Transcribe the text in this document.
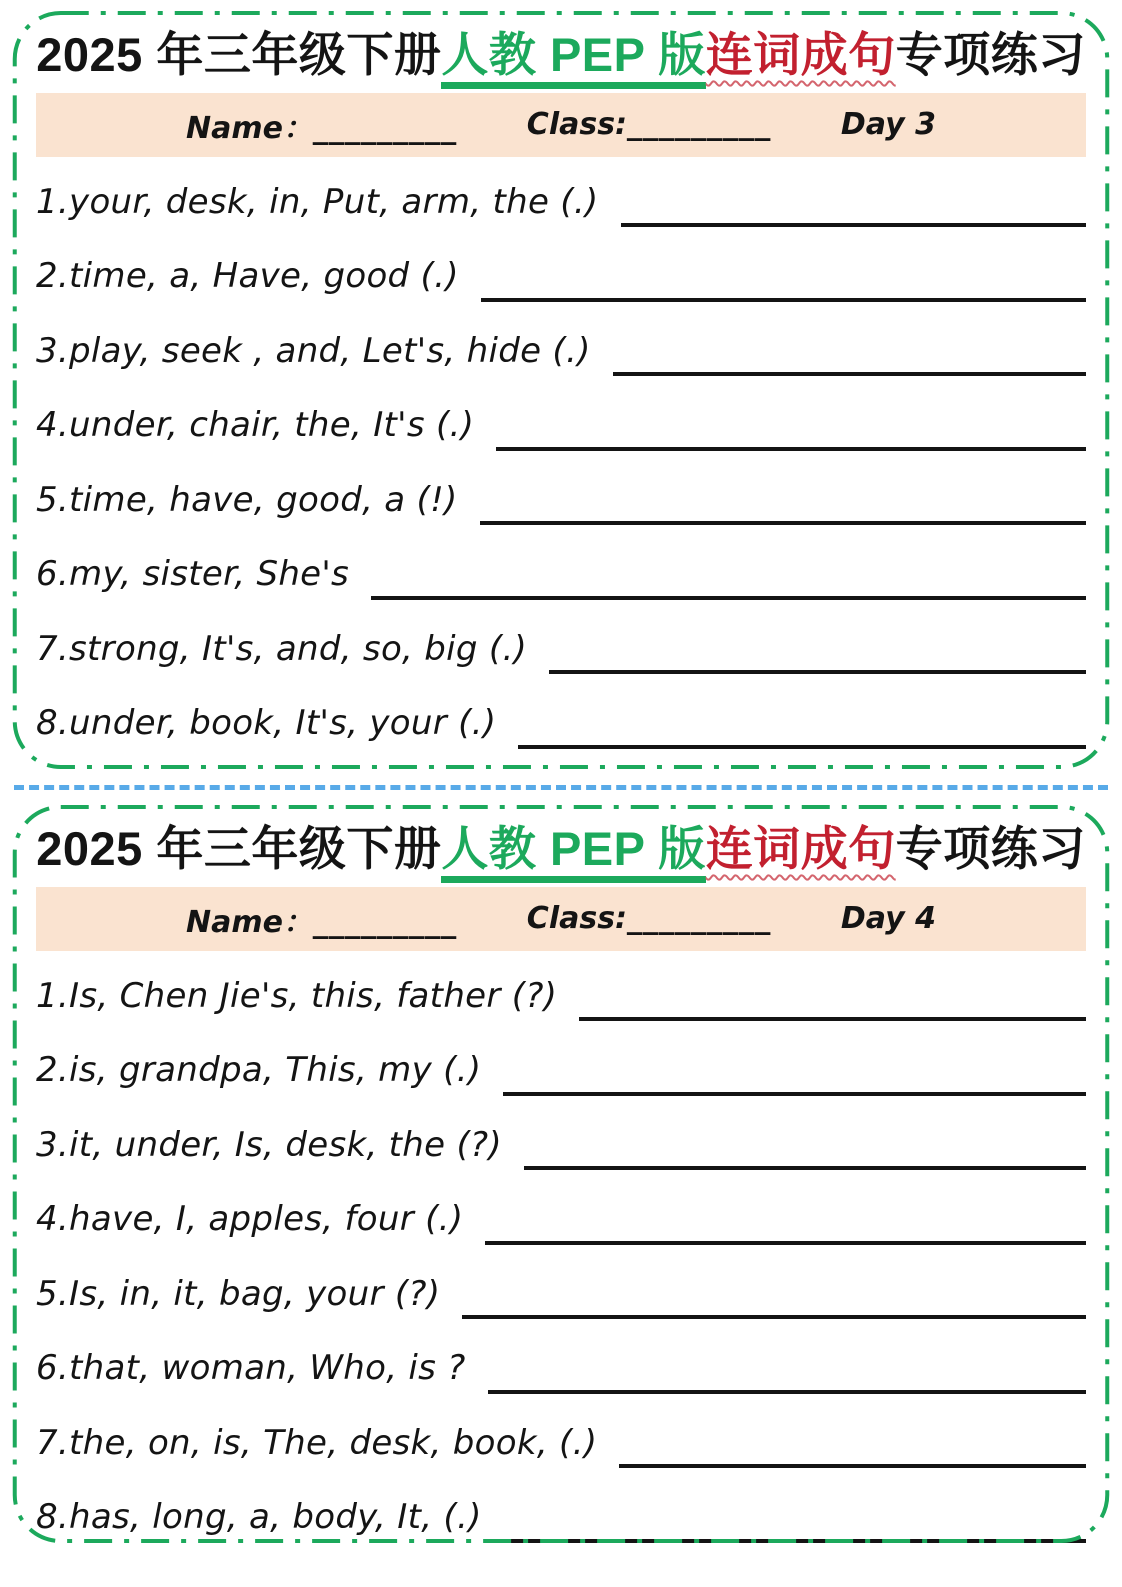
2025 年三年级下册人教 PEP 版连词成句专项练习
Name：_________ Class:_________ Day 3
1.your, desk, in, Put, arm, the (.)
2.time, a, Have, good (.)
3.play, seek , and, Let's, hide (.)
4.under, chair, the, It's (.)
5.time, have, good, a (!)
6.my, sister, She's
7.strong, It's, and, so, big (.)
8.under, book, It's, your (.)
2025 年三年级下册人教 PEP 版连词成句专项练习
Name：_________ Class:_________ Day 4
1.Is, Chen Jie's, this, father (?)
2.is, grandpa, This, my (.)
3.it, under, Is, desk, the (?)
4.have, I, apples, four (.)
5.Is, in, it, bag, your (?)
6.that, woman, Who, is ?
7.the, on, is, The, desk, book, (.)
8.has, long, a, body, It, (.)
